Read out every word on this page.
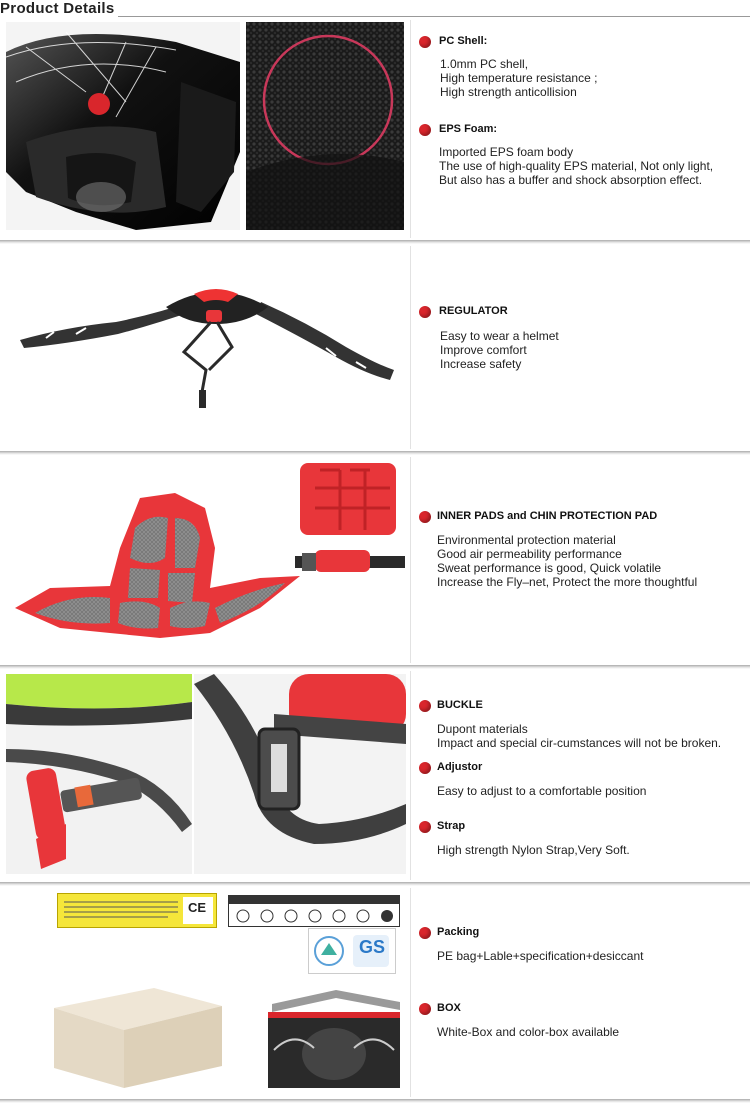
Product Details
CE
GS
PC Shell:
1.0mm PC shell,
High temperature resistance ;
High strength anticollision
EPS Foam:
Imported EPS foam body
The use of high-quality EPS material, Not only light,
But also has a buffer and shock absorption effect.
REGULATOR
Easy to wear a helmet
Improve comfort
Increase safety
INNER PADS and CHIN PROTECTION PAD
Environmental protection material
Good air permeability performance
Sweat performance is good, Quick volatile
Increase the Fly–net, Protect the more thoughtful
BUCKLE
Dupont materials
Impact and special cir-cumstances will not be broken.
Adjustor
Easy to adjust to a comfortable position
Strap
High strength Nylon Strap,Very Soft.
Packing
PE bag+Lable+specification+desiccant
BOX
White-Box and color-box available
